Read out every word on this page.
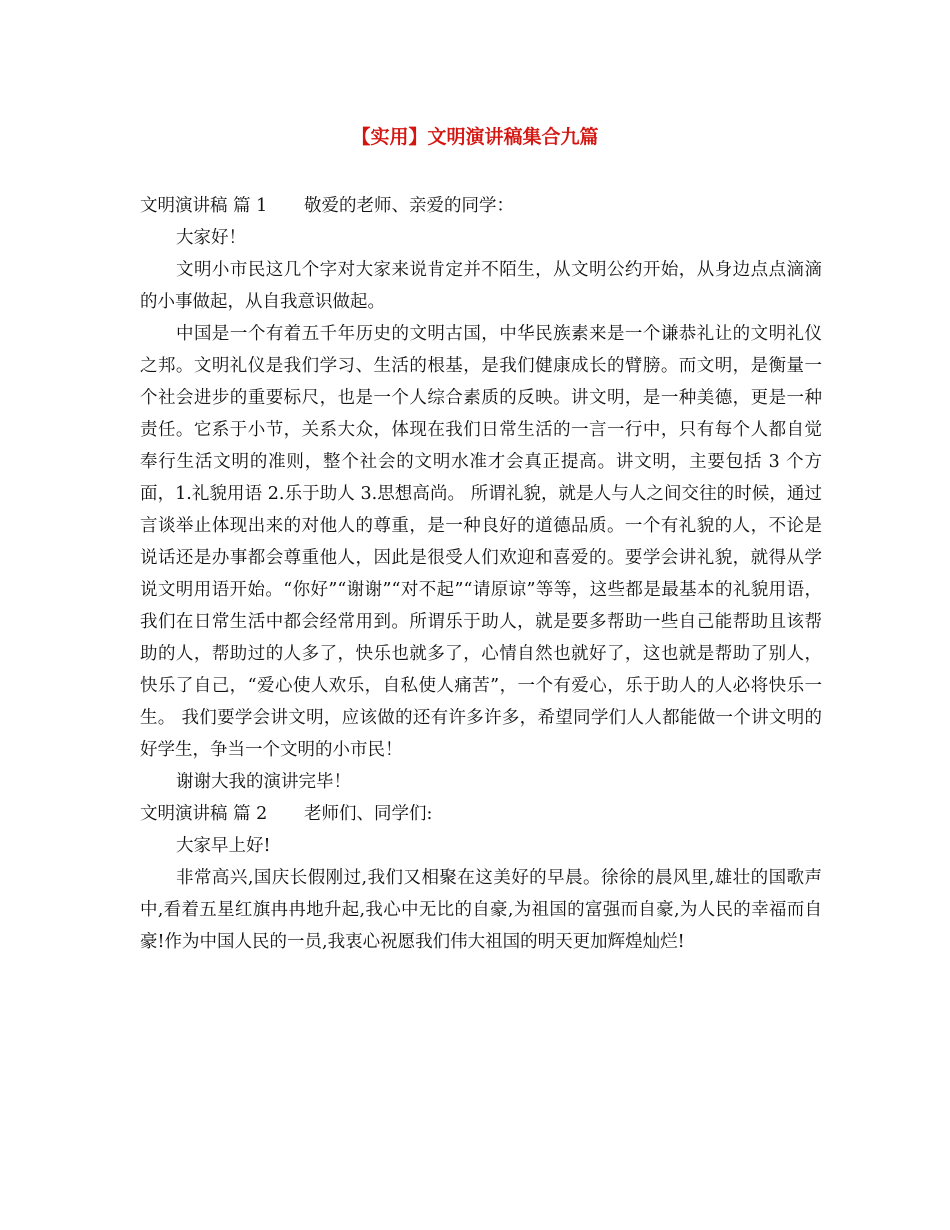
【实用】文明演讲稿集合九篇

文明演讲稿 篇 1 敬爱的老师、亲爱的同学：

大家好！

文明小市民这几个字对大家来说肯定并不陌生，从文明公约开始，从身边点点滴滴的小事做起，从自我意识做起。

中国是一个有着五千年历史的文明古国，中华民族素来是一个谦恭礼让的文明礼仪之邦。文明礼仪是我们学习、生活的根基，是我们健康成长的臂膀。而文明，是衡量一个社会进步的重要标尺，也是一个人综合素质的反映。讲文明，是一种美德，更是一种责任。它系于小节，关系大众，体现在我们日常生活的一言一行中，只有每个人都自觉奉行生活文明的准则，整个社会的文明水准才会真正提高。讲文明，主要包括 3 个方面，1.礼貌用语 2.乐于助人 3.思想高尚。 所谓礼貌，就是人与人之间交往的时候，通过言谈举止体现出来的对他人的尊重，是一种良好的道德品质。一个有礼貌的人，不论是说话还是办事都会尊重他人，因此是很受人们欢迎和喜爱的。要学会讲礼貌，就得从学说文明用语开始。“你好”“谢谢”“对不起”“请原谅”等等，这些都是最基本的礼貌用语，我们在日常生活中都会经常用到。所谓乐于助人，就是要多帮助一些自己能帮助且该帮助的人，帮助过的人多了，快乐也就多了，心情自然也就好了，这也就是帮助了别人，快乐了自己，“爱心使人欢乐，自私使人痛苦”，一个有爱心，乐于助人的人必将快乐一生。 我们要学会讲文明，应该做的还有许多许多，希望同学们人人都能做一个讲文明的好学生，争当一个文明的小市民！

谢谢大我的演讲完毕！

文明演讲稿 篇 2 老师们、同学们:

大家早上好!

非常高兴,国庆长假刚过,我们又相聚在这美好的早晨。徐徐的晨风里,雄壮的国歌声中,看着五星红旗冉冉地升起,我心中无比的自豪,为祖国的富强而自豪,为人民的幸福而自豪!作为中国人民的一员,我衷心祝愿我们伟大祖国的明天更加辉煌灿烂!
